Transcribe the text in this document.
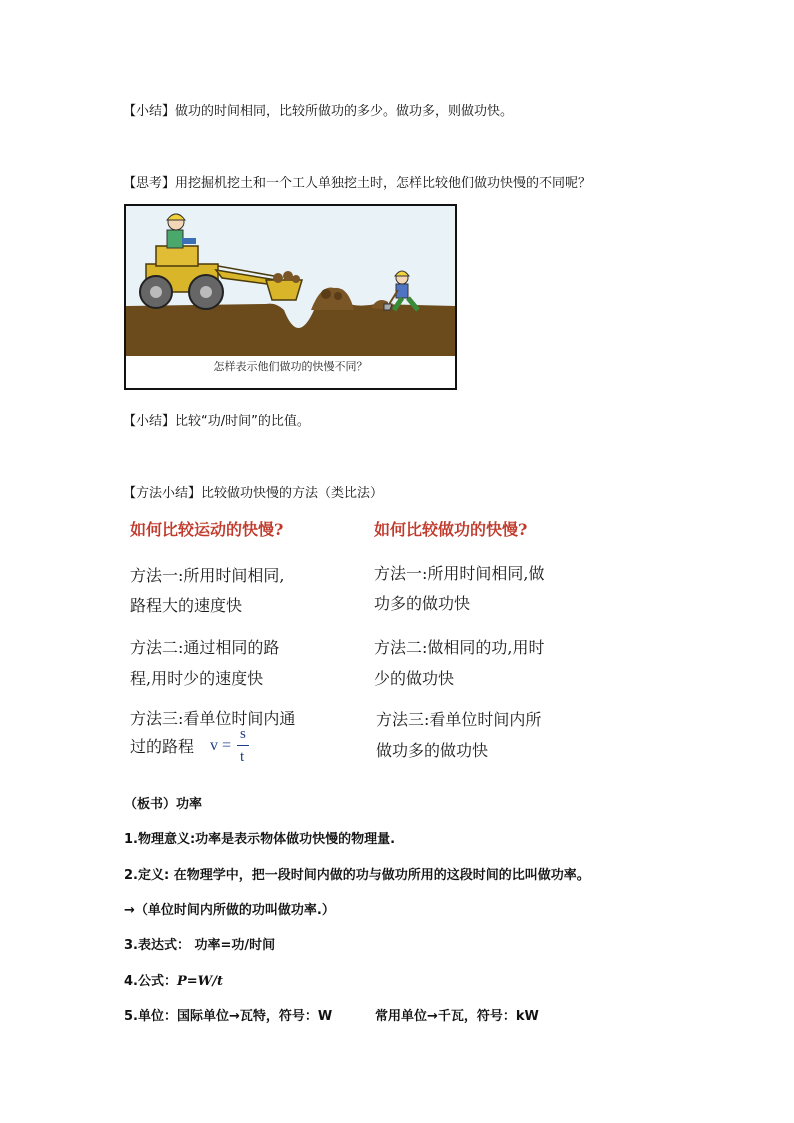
【小结】做功的时间相同，比较所做功的多少。做功多，则做功快。
【思考】用挖掘机挖土和一个工人单独挖土时，怎样比较他们做功快慢的不同呢？
怎样表示他们做功的快慢不同？
【小结】比较“功/时间”的比值。
【方法小结】比较做功快慢的方法（类比法）
如何比较运动的快慢?
方法一:所用时间相同,
路程大的速度快
方法二:通过相同的路
程,用时少的速度快
方法三:看单位时间内通
过的路程 v =
s
t
如何比较做功的快慢?
方法一:所用时间相同,做
功多的做功快
方法二:做相同的功,用时
少的做功快
方法三:看单位时间内所
做功多的做功快
（板书）功率
1.物理意义:功率是表示物体做功快慢的物理量.
2.定义: 在物理学中，把一段时间内做的功与做功所用的这段时间的比叫做功率。
→（单位时间内所做的功叫做功率.）
3.表达式： 功率=功/时间
4.公式：P=W/t
5.单位：国际单位→瓦特，符号：W	常用单位→千瓦，符号：kW
